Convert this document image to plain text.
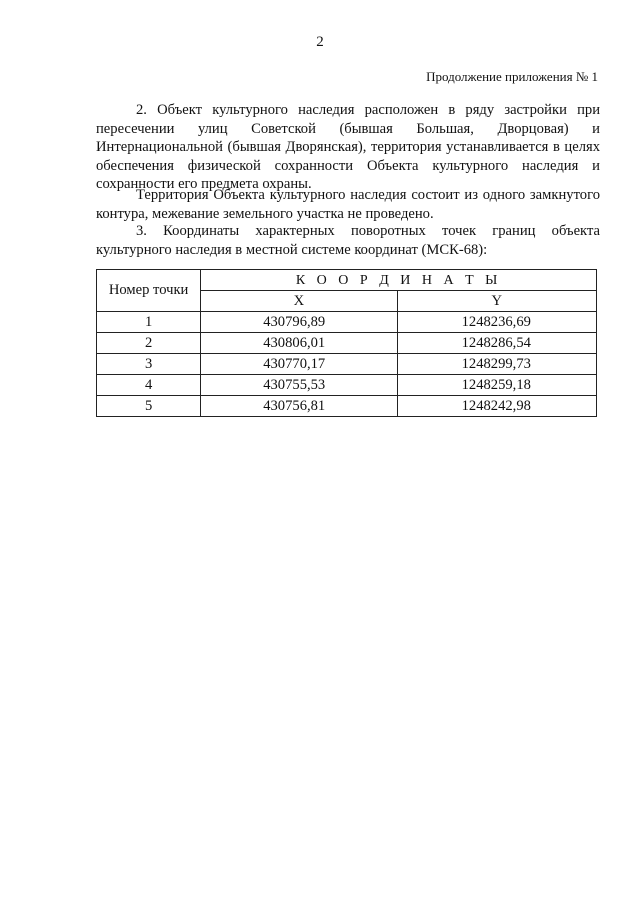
2
Продолжение приложения № 1

2. Объект культурного наследия расположен в ряду застройки при пересечении улиц Советской (бывшая Большая, Дворцовая) и Интернациональной (бывшая Дворянская), территория устанавливается в целях обеспечения физической сохранности Объекта культурного наследия и сохранности его предмета охраны.

Территория Объекта культурного наследия состоит из одного замкнутого контура, межевание земельного участка не проведено.

3. Координаты характерных поворотных точек границ объекта культурного наследия в местной системе координат (МСК-68):

Номер точки	К О О Р Д И Н А Т Ы	
	X	Y
1	430796,89	1248236,69
2	430806,01	1248286,54
3	430770,17	1248299,73
4	430755,53	1248259,18
5	430756,81	1248242,98
